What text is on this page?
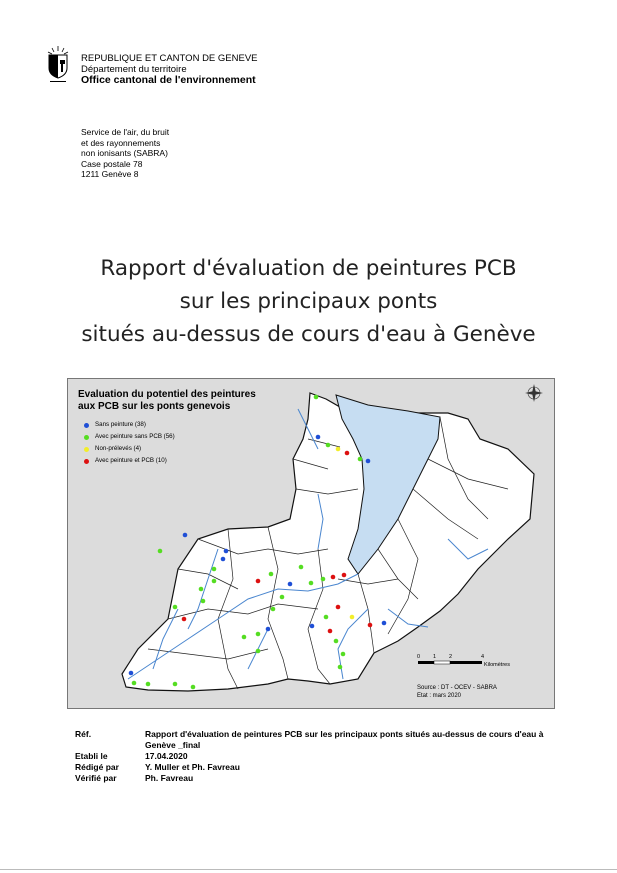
REPUBLIQUE ET CANTON DE GENEVE
Département du territoire
Office cantonal de l'environnement
Service de l'air, du bruit
et des rayonnements
non ionisants (SABRA)
Case postale 78
1211 Genève 8
Rapport d'évaluation de peintures PCB
sur les principaux ponts
situés au-dessus de cours d'eau à Genève
Evaluation du potentiel des peintures
aux PCB sur les ponts genevois
Sans peinture (38)
Avec peinture sans PCB (56)
Non-prélevés (4)
Avec peinture et PCB (10)
0 1 2	4
Kilomètres
Source : DT - OCEV - SABRA
Etat : mars 2020
Réf.	Rapport d'évaluation de peintures PCB sur les principaux ponts situés au-dessus de cours d'eau à Genève _final
Etabli le	17.04.2020
Rédigé par	Y. Muller et Ph. Favreau
Vérifié par	Ph. Favreau
